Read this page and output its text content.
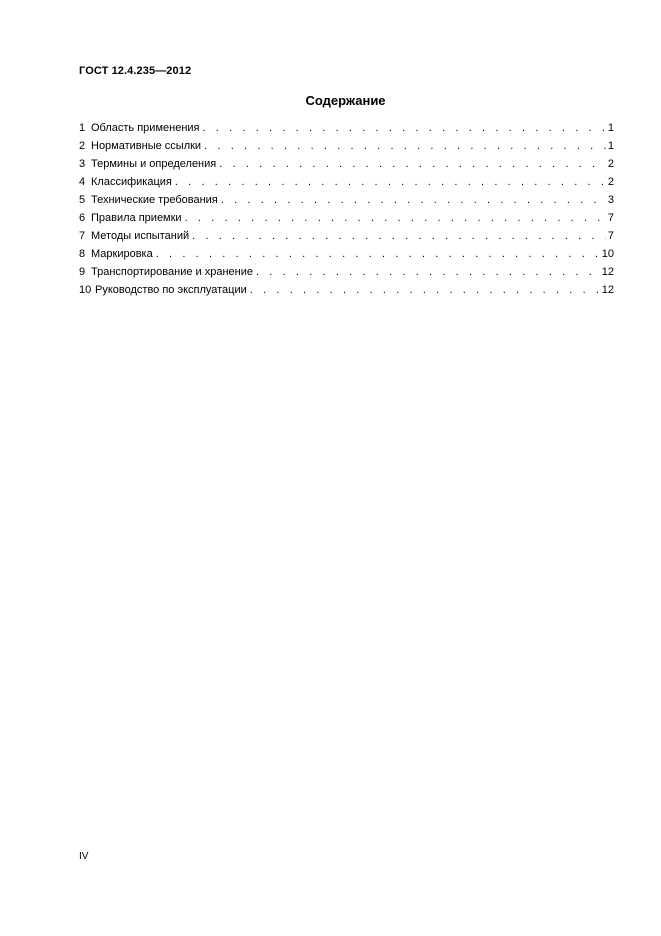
ГОСТ 12.4.235—2012
Содержание
1 Область применения . . .	1
2 Нормативные ссылки . . .	1
3 Термины и определения . . .	2
4 Классификация . . .	2
5 Технические требования . . .	3
6 Правила приемки . . .	7
7 Методы испытаний . . .	7
8 Маркировка . . .	10
9 Транспортирование и хранение . . .	12
10 Руководство по эксплуатации . . .	12
IV
